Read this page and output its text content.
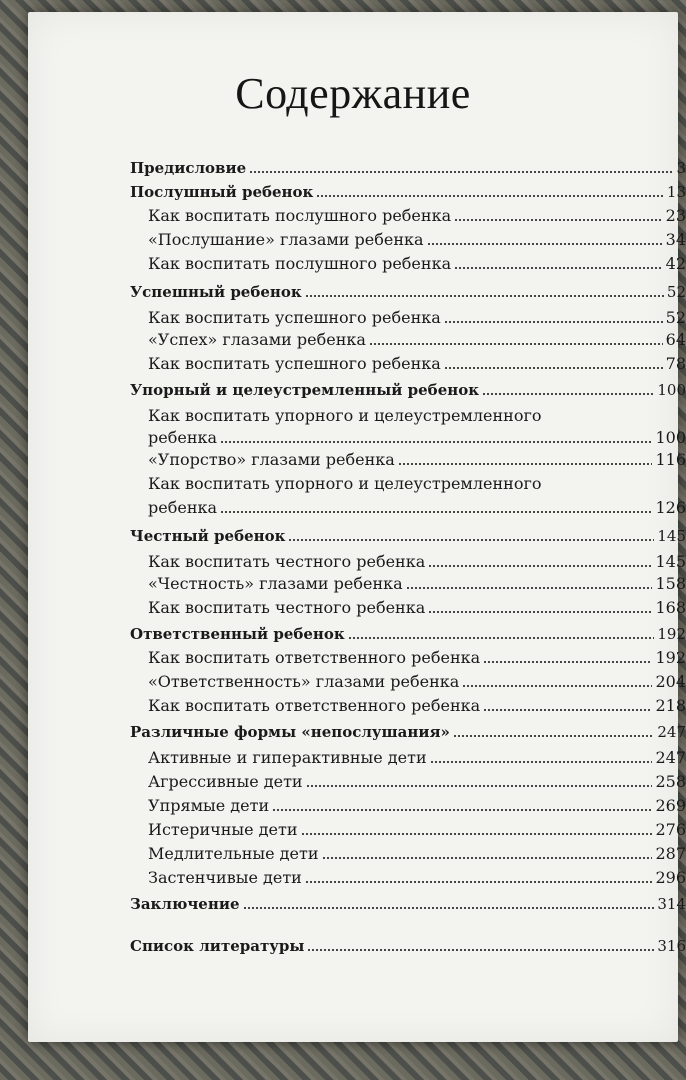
Содержание
Предисловие	3
Послушный ребенок	13
Как воспитать послушного ребенка	23
«Послушание» глазами ребенка	34
Как воспитать послушного ребенка	42
Успешный ребенок	52
Как воспитать успешного ребенка	52
«Успех» глазами ребенка	64
Как воспитать успешного ребенка	78
Упорный и целеустремленный ребенок	100
Как воспитать упорного и целеустремленного
ребенка	100
«Упорство» глазами ребенка	116
Как воспитать упорного и целеустремленного
ребенка	126
Честный ребенок	145
Как воспитать честного ребенка	145
«Честность» глазами ребенка	158
Как воспитать честного ребенка	168
Ответственный ребенок	192
Как воспитать ответственного ребенка	192
«Ответственность» глазами ребенка	204
Как воспитать ответственного ребенка	218
Различные формы «непослушания»	247
Активные и гиперактивные дети	247
Агрессивные дети	258
Упрямые дети	269
Истеричные дети	276
Медлительные дети	287
Застенчивые дети	296
Заключение	314
Список литературы	316
